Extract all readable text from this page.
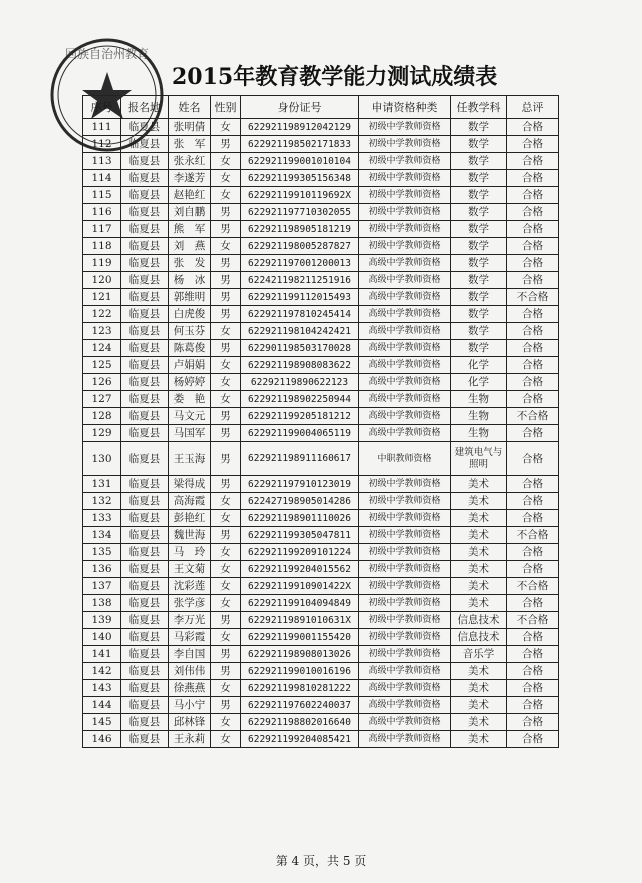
回族自治州教育
2015年教育教学能力测试成绩表
序号	报名地	姓名	性别	身份证号	申请资格种类	任教学科	总评
111	临夏县	张明倩	女	622921198912042129	初级中学教师资格	数学	合格
112	临夏县	张　军	男	622921198502171833	初级中学教师资格	数学	合格
113	临夏县	张永红	女	622921199001010104	初级中学教师资格	数学	合格
114	临夏县	李遂芳	女	622921199305156348	初级中学教师资格	数学	合格
115	临夏县	赵艳红	女	62292119910119692X	初级中学教师资格	数学	合格
116	临夏县	刘自鹏	男	622921197710302055	初级中学教师资格	数学	合格
117	临夏县	熊　军	男	622921198905181219	初级中学教师资格	数学	合格
118	临夏县	刘　燕	女	622921198005287827	初级中学教师资格	数学	合格
119	临夏县	张　发	男	622921197001200013	高级中学教师资格	数学	合格
120	临夏县	杨　冰	男	622421198211251916	高级中学教师资格	数学	合格
121	临夏县	郭维明	男	622921199112015493	高级中学教师资格	数学	不合格
122	临夏县	白虎俊	男	622921197810245414	高级中学教师资格	数学	合格
123	临夏县	何玉芬	女	622921198104242421	高级中学教师资格	数学	合格
124	临夏县	陈葛俊	男	622901198503170028	高级中学教师资格	数学	合格
125	临夏县	卢娟娟	女	622921198908083622	高级中学教师资格	化学	合格
126	临夏县	杨婷婷	女	62292119890622123	高级中学教师资格	化学	合格
127	临夏县	娄　艳	女	622921198902250944	高级中学教师资格	生物	合格
128	临夏县	马文元	男	622921199205181212	高级中学教师资格	生物	不合格
129	临夏县	马国军	男	622921199004065119	高级中学教师资格	生物	合格
130	临夏县	王玉海	男	622921198911160617	中职教师资格	建筑电气与照明	合格
131	临夏县	梁得成	男	622921197910123019	初级中学教师资格	美术	合格
132	临夏县	高海霞	女	622427198905014286	初级中学教师资格	美术	合格
133	临夏县	彭艳红	女	622921198901110026	初级中学教师资格	美术	合格
134	临夏县	魏世海	男	622921199305047811	初级中学教师资格	美术	不合格
135	临夏县	马　玲	女	622921199209101224	初级中学教师资格	美术	合格
136	临夏县	王文菊	女	622921199204015562	初级中学教师资格	美术	合格
137	临夏县	沈彩莲	女	62292119910901422X	初级中学教师资格	美术	不合格
138	临夏县	张学彦	女	622921199104094849	初级中学教师资格	美术	合格
139	临夏县	李万光	男	62292119891010631X	初级中学教师资格	信息技术	不合格
140	临夏县	马彩霞	女	622921199001155420	初级中学教师资格	信息技术	合格
141	临夏县	李自国	男	622921198908013026	初级中学教师资格	音乐学	合格
142	临夏县	刘伟伟	男	622921199010016196	高级中学教师资格	美术	合格
143	临夏县	徐燕燕	女	622921199810281222	高级中学教师资格	美术	合格
144	临夏县	马小宁	男	622921197602240037	高级中学教师资格	美术	合格
145	临夏县	邱林锋	女	622921198802016640	高级中学教师资格	美术	合格
146	临夏县	王永莉	女	622921199204085421	高级中学教师资格	美术	合格
第 4 页，共 5 页
